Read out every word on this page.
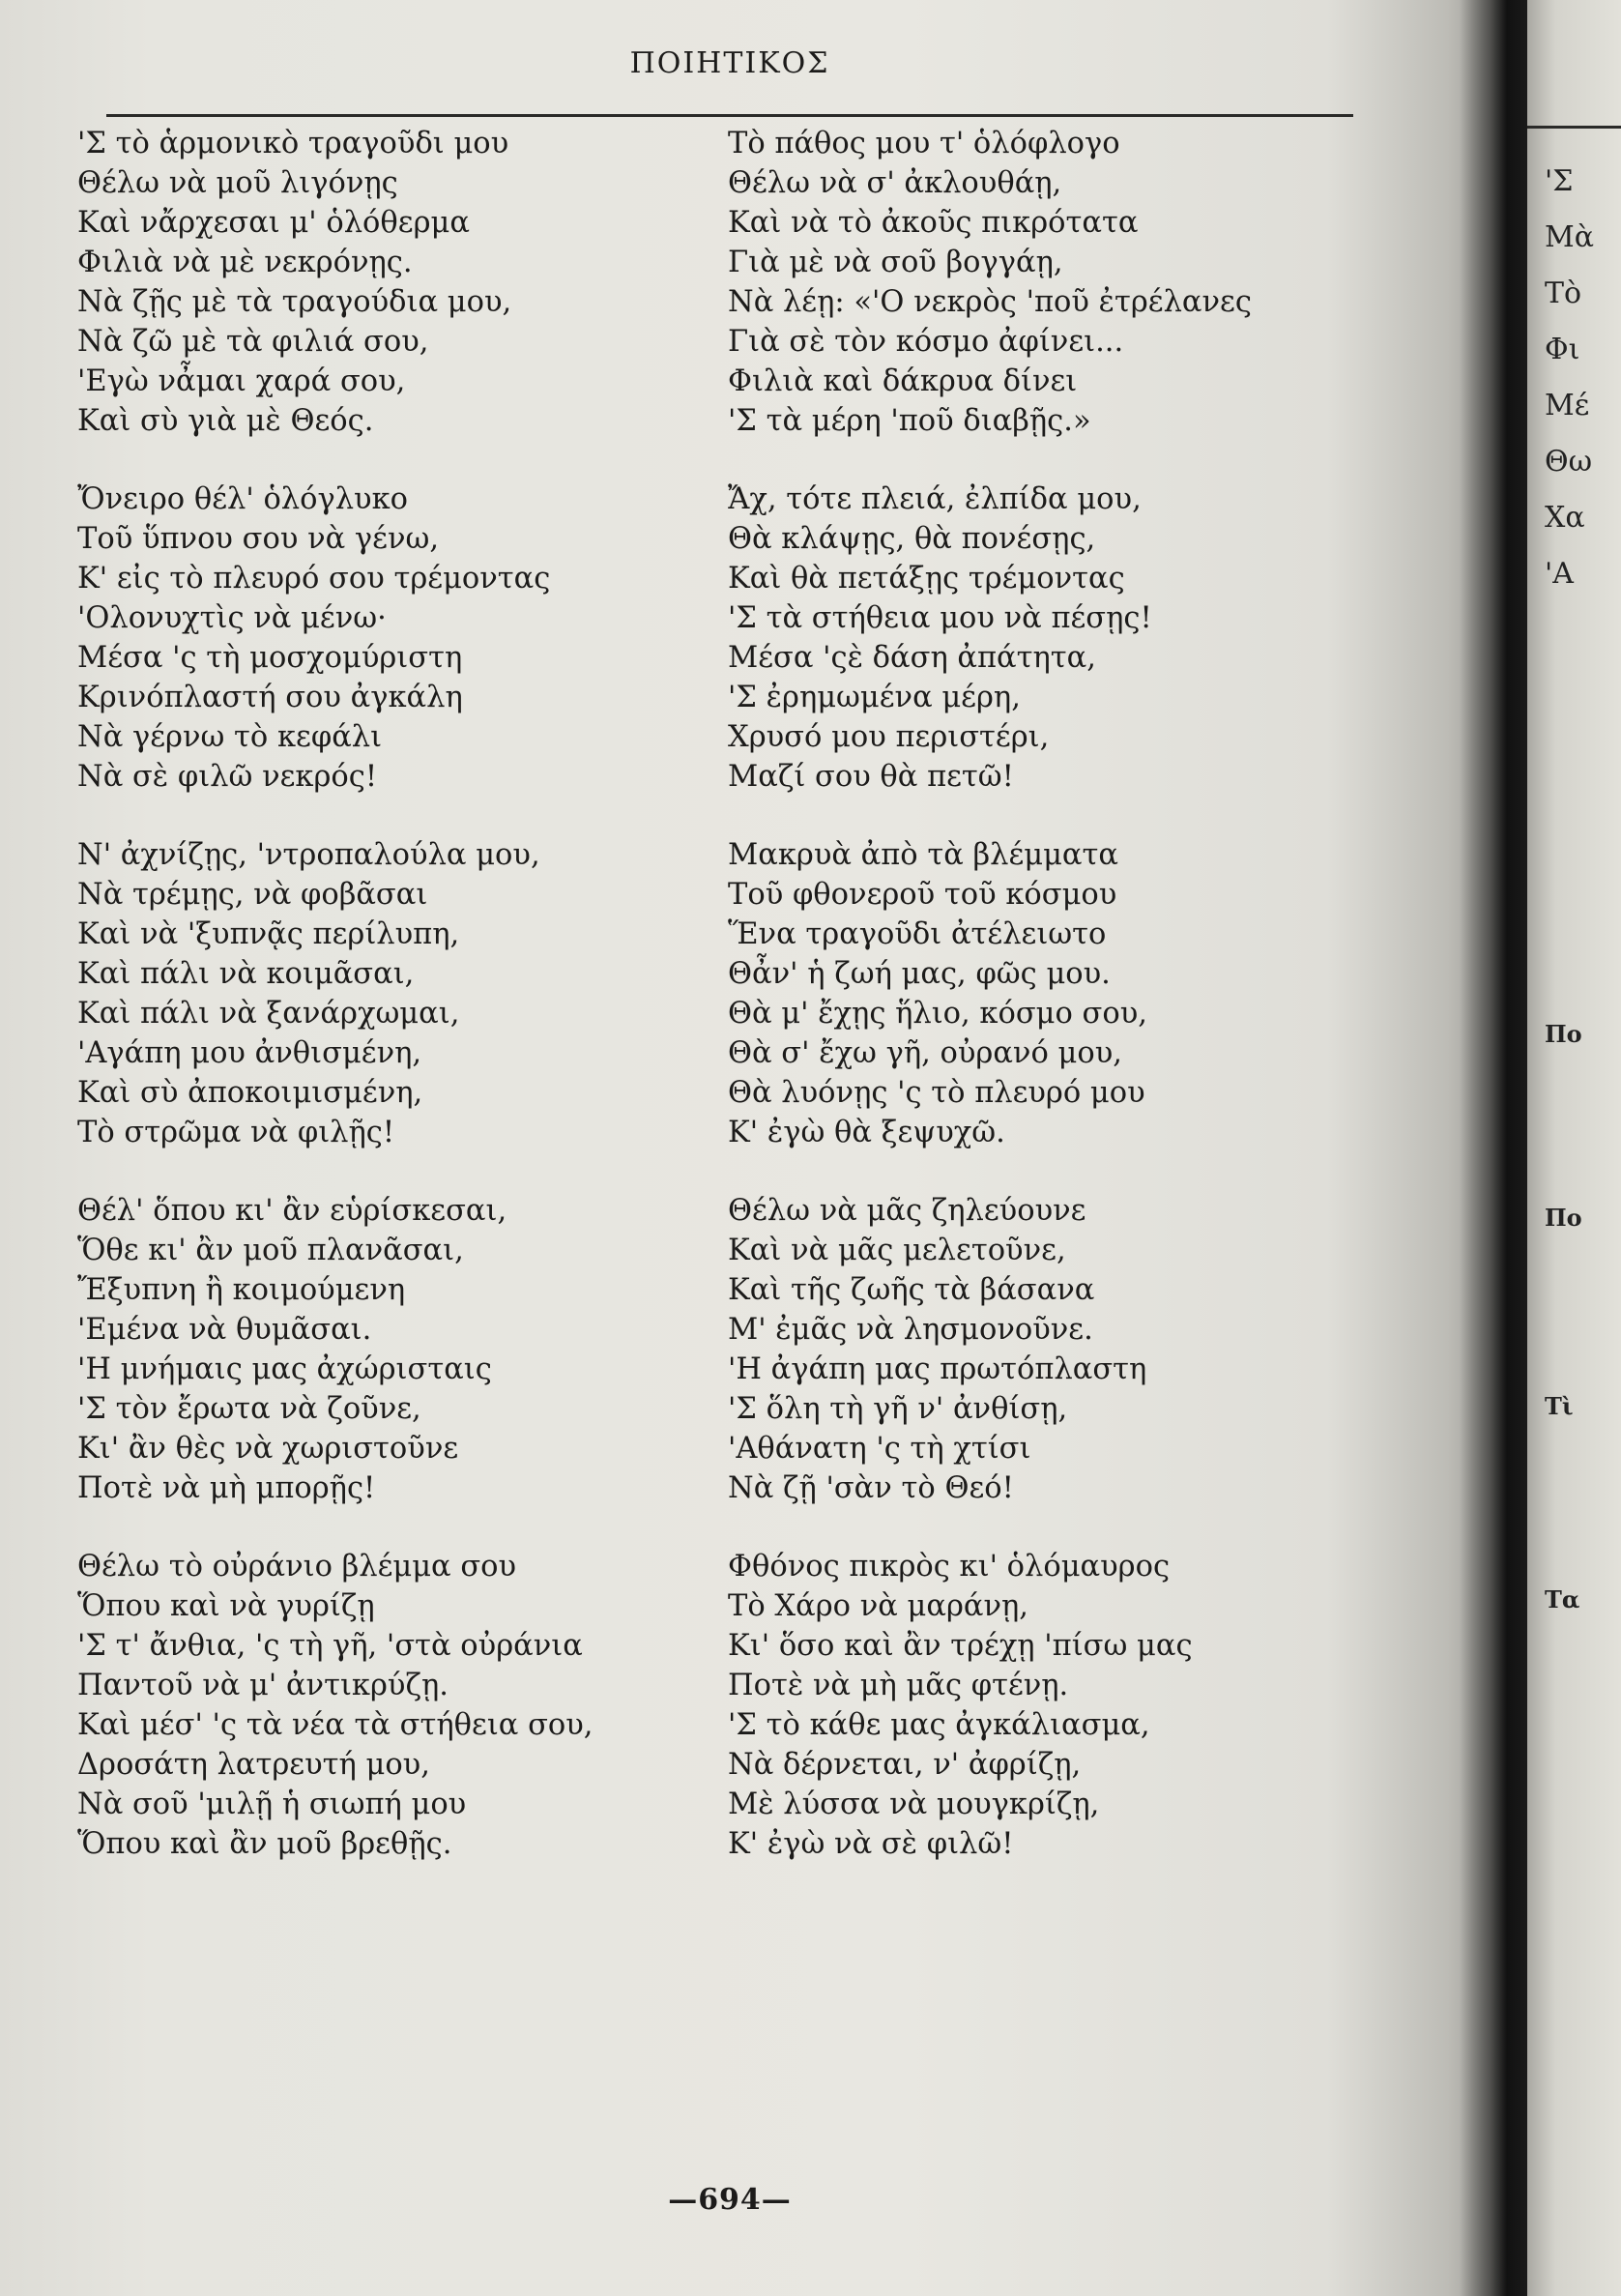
ΠΟΙΗΤΙΚΟΣ
'Σ τὸ ἁρμονικὸ τραγοῦδι μου
Θέλω νὰ μοῦ λιγόνῃς
Καὶ νἄρχεσαι μ' ὁλόθερμα
Φιλιὰ νὰ μὲ νεκρόνῃς.
Νὰ ζῇς μὲ τὰ τραγούδια μου,
Νὰ ζῶ μὲ τὰ φιλιά σου,
'Εγὼ νἆμαι χαρά σου,
Καὶ σὺ γιὰ μὲ Θεός.
Ὄνειρο θέλ' ὁλόγλυκο
Τοῦ ὕπνου σου νὰ γένω,
Κ' εἰς τὸ πλευρό σου τρέμοντας
'Ολονυχτὶς νὰ μένω·
Μέσα 'ς τὴ μοσχομύριστη
Κρινόπλαστή σου ἀγκάλη
Νὰ γέρνω τὸ κεφάλι
Νὰ σὲ φιλῶ νεκρός!
Ν' ἀχνίζῃς, 'ντροπαλούλα μου,
Νὰ τρέμῃς, νὰ φοβᾶσαι
Καὶ νὰ 'ξυπνᾷς περίλυπη,
Καὶ πάλι νὰ κοιμᾶσαι,
Καὶ πάλι νὰ ξανάρχωμαι,
'Αγάπη μου ἀνθισμένη,
Καὶ σὺ ἀποκοιμισμένη,
Τὸ στρῶμα νὰ φιλῇς!
Θέλ' ὅπου κι' ἂν εὑρίσκεσαι,
Ὅθε κι' ἂν μοῦ πλανᾶσαι,
Ἔξυπνη ἢ κοιμούμενη
'Εμένα νὰ θυμᾶσαι.
'Η μνήμαις μας ἀχώρισταις
'Σ τὸν ἔρωτα νὰ ζοῦνε,
Κι' ἂν θὲς νὰ χωριστοῦνε
Ποτὲ νὰ μὴ μπορῇς!
Θέλω τὸ οὐράνιο βλέμμα σου
Ὅπου καὶ νὰ γυρίζῃ
'Σ τ' ἄνθια, 'ς τὴ γῆ, 'στὰ οὐράνια
Παντοῦ νὰ μ' ἀντικρύζῃ.
Καὶ μέσ' 'ς τὰ νέα τὰ στήθεια σου,
Δροσάτη λατρευτή μου,
Νὰ σοῦ 'μιλῇ ἡ σιωπή μου
Ὅπου καὶ ἂν μοῦ βρεθῇς.
Τὸ πάθος μου τ' ὁλόφλογο
Θέλω νὰ σ' ἀκλουθάῃ,
Καὶ νὰ τὸ ἀκοῦς πικρότατα
Γιὰ μὲ νὰ σοῦ βογγάῃ,
Νὰ λέῃ: «'Ο νεκρὸς 'ποῦ ἐτρέλανες
Γιὰ σὲ τὸν κόσμο ἀφίνει...
Φιλιὰ καὶ δάκρυα δίνει
'Σ τὰ μέρη 'ποῦ διαβῇς.»
Ἄχ, τότε πλειά, ἐλπίδα μου,
Θὰ κλάψῃς, θὰ πονέσῃς,
Καὶ θὰ πετάξῃς τρέμοντας
'Σ τὰ στήθεια μου νὰ πέσῃς!
Μέσα 'ςὲ δάση ἀπάτητα,
'Σ ἐρημωμένα μέρη,
Χρυσό μου περιστέρι,
Μαζί σου θὰ πετῶ!
Μακρυὰ ἀπὸ τὰ βλέμματα
Τοῦ φθονεροῦ τοῦ κόσμου
Ἕνα τραγοῦδι ἀτέλειωτο
Θἆν' ἡ ζωή μας, φῶς μου.
Θὰ μ' ἔχῃς ἥλιο, κόσμο σου,
Θὰ σ' ἔχω γῆ, οὐρανό μου,
Θὰ λυόνῃς 'ς τὸ πλευρό μου
Κ' ἐγὼ θὰ ξεψυχῶ.
Θέλω νὰ μᾶς ζηλεύουνε
Καὶ νὰ μᾶς μελετοῦνε,
Καὶ τῆς ζωῆς τὰ βάσανα
Μ' ἐμᾶς νὰ λησμονοῦνε.
'Η ἀγάπη μας πρωτόπλαστη
'Σ ὅλη τὴ γῆ ν' ἀνθίσῃ,
'Αθάνατη 'ς τὴ χτίσι
Νὰ ζῇ 'σὰν τὸ Θεό!
Φθόνος πικρὸς κι' ὁλόμαυρος
Τὸ Χάρο νὰ μαράνῃ,
Κι' ὅσο καὶ ἂν τρέχῃ 'πίσω μας
Ποτὲ νὰ μὴ μᾶς φτένῃ.
'Σ τὸ κάθε μας ἀγκάλιασμα,
Νὰ δέρνεται, ν' ἀφρίζῃ,
Μὲ λύσσα νὰ μουγκρίζῃ,
Κ' ἐγὼ νὰ σὲ φιλῶ!
—694—
'Σ
Μὰ
Τὸ
Φι
Μέ
Θω
Χα
'Α
Πο
Πο
Τὶ
Τα
